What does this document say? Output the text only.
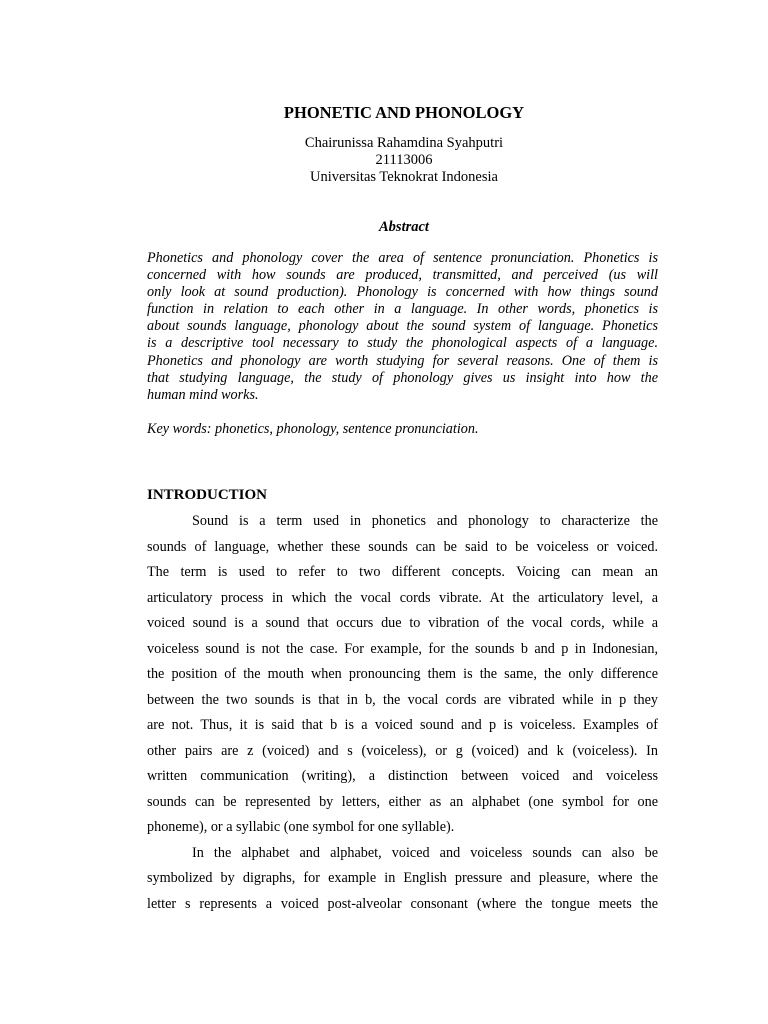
PHONETIC AND PHONOLOGY
Chairunissa Rahamdina Syahputri
21113006
Universitas Teknokrat Indonesia
Abstract
Phonetics and phonology cover the area of sentence pronunciation. Phonetics is
concerned with how sounds are produced, transmitted, and perceived (us will
only look at sound production). Phonology is concerned with how things sound
function in relation to each other in a language. In other words, phonetics is
about sounds language, phonology about the sound system of language. Phonetics
is a descriptive tool necessary to study the phonological aspects of a language.
Phonetics and phonology are worth studying for several reasons. One of them is
that studying language, the study of phonology gives us insight into how the
human mind works.
Key words: phonetics, phonology, sentence pronunciation.
INTRODUCTION
Sound is a term used in phonetics and phonology to characterize the
sounds of language, whether these sounds can be said to be voiceless or voiced.
The term is used to refer to two different concepts. Voicing can mean an
articulatory process in which the vocal cords vibrate. At the articulatory level, a
voiced sound is a sound that occurs due to vibration of the vocal cords, while a
voiceless sound is not the case. For example, for the sounds b and p in Indonesian,
the position of the mouth when pronouncing them is the same, the only difference
between the two sounds is that in b, the vocal cords are vibrated while in p they
are not. Thus, it is said that b is a voiced sound and p is voiceless. Examples of
other pairs are z (voiced) and s (voiceless), or g (voiced) and k (voiceless). In
written communication (writing), a distinction between voiced and voiceless
sounds can be represented by letters, either as an alphabet (one symbol for one
phoneme), or a syllabic (one symbol for one syllable).
In the alphabet and alphabet, voiced and voiceless sounds can also be
symbolized by digraphs, for example in English pressure and pleasure, where the
letter s represents a voiced post-alveolar consonant (where the tongue meets the
